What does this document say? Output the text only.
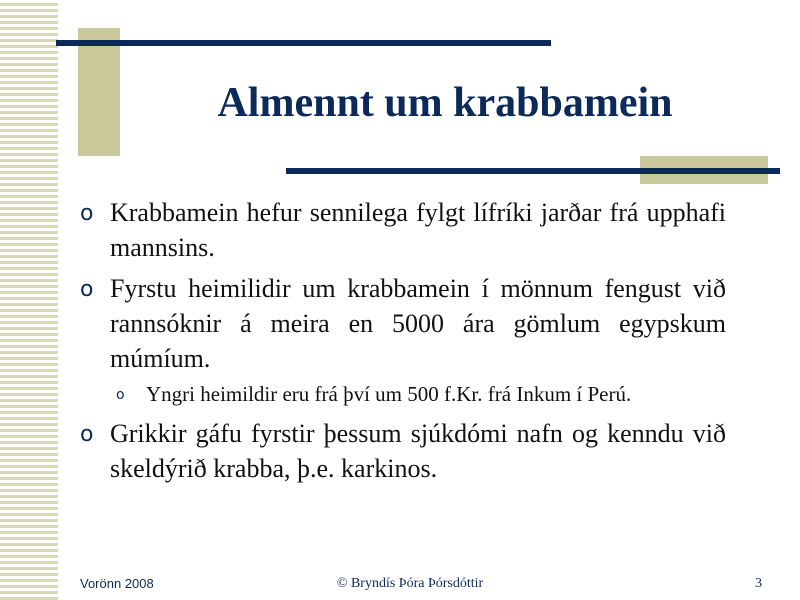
Almennt um krabbamein
o Krabbamein hefur sennilega fylgt lífríki jarðar frá upphafi mannsins.
o Fyrstu heimilidir um krabbamein í mönnum fengust við rannsóknir á meira en 5000 ára gömlum egypskum múmíum.
o Yngri heimildir eru frá því um 500 f.Kr. frá Inkum í Perú.
o Grikkir gáfu fyrstir þessum sjúkdómi nafn og kenndu við skeldýrið krabba, þ.e. karkinos.
Vorönn 2008	© Bryndís Þóra Þórsdóttir	3
